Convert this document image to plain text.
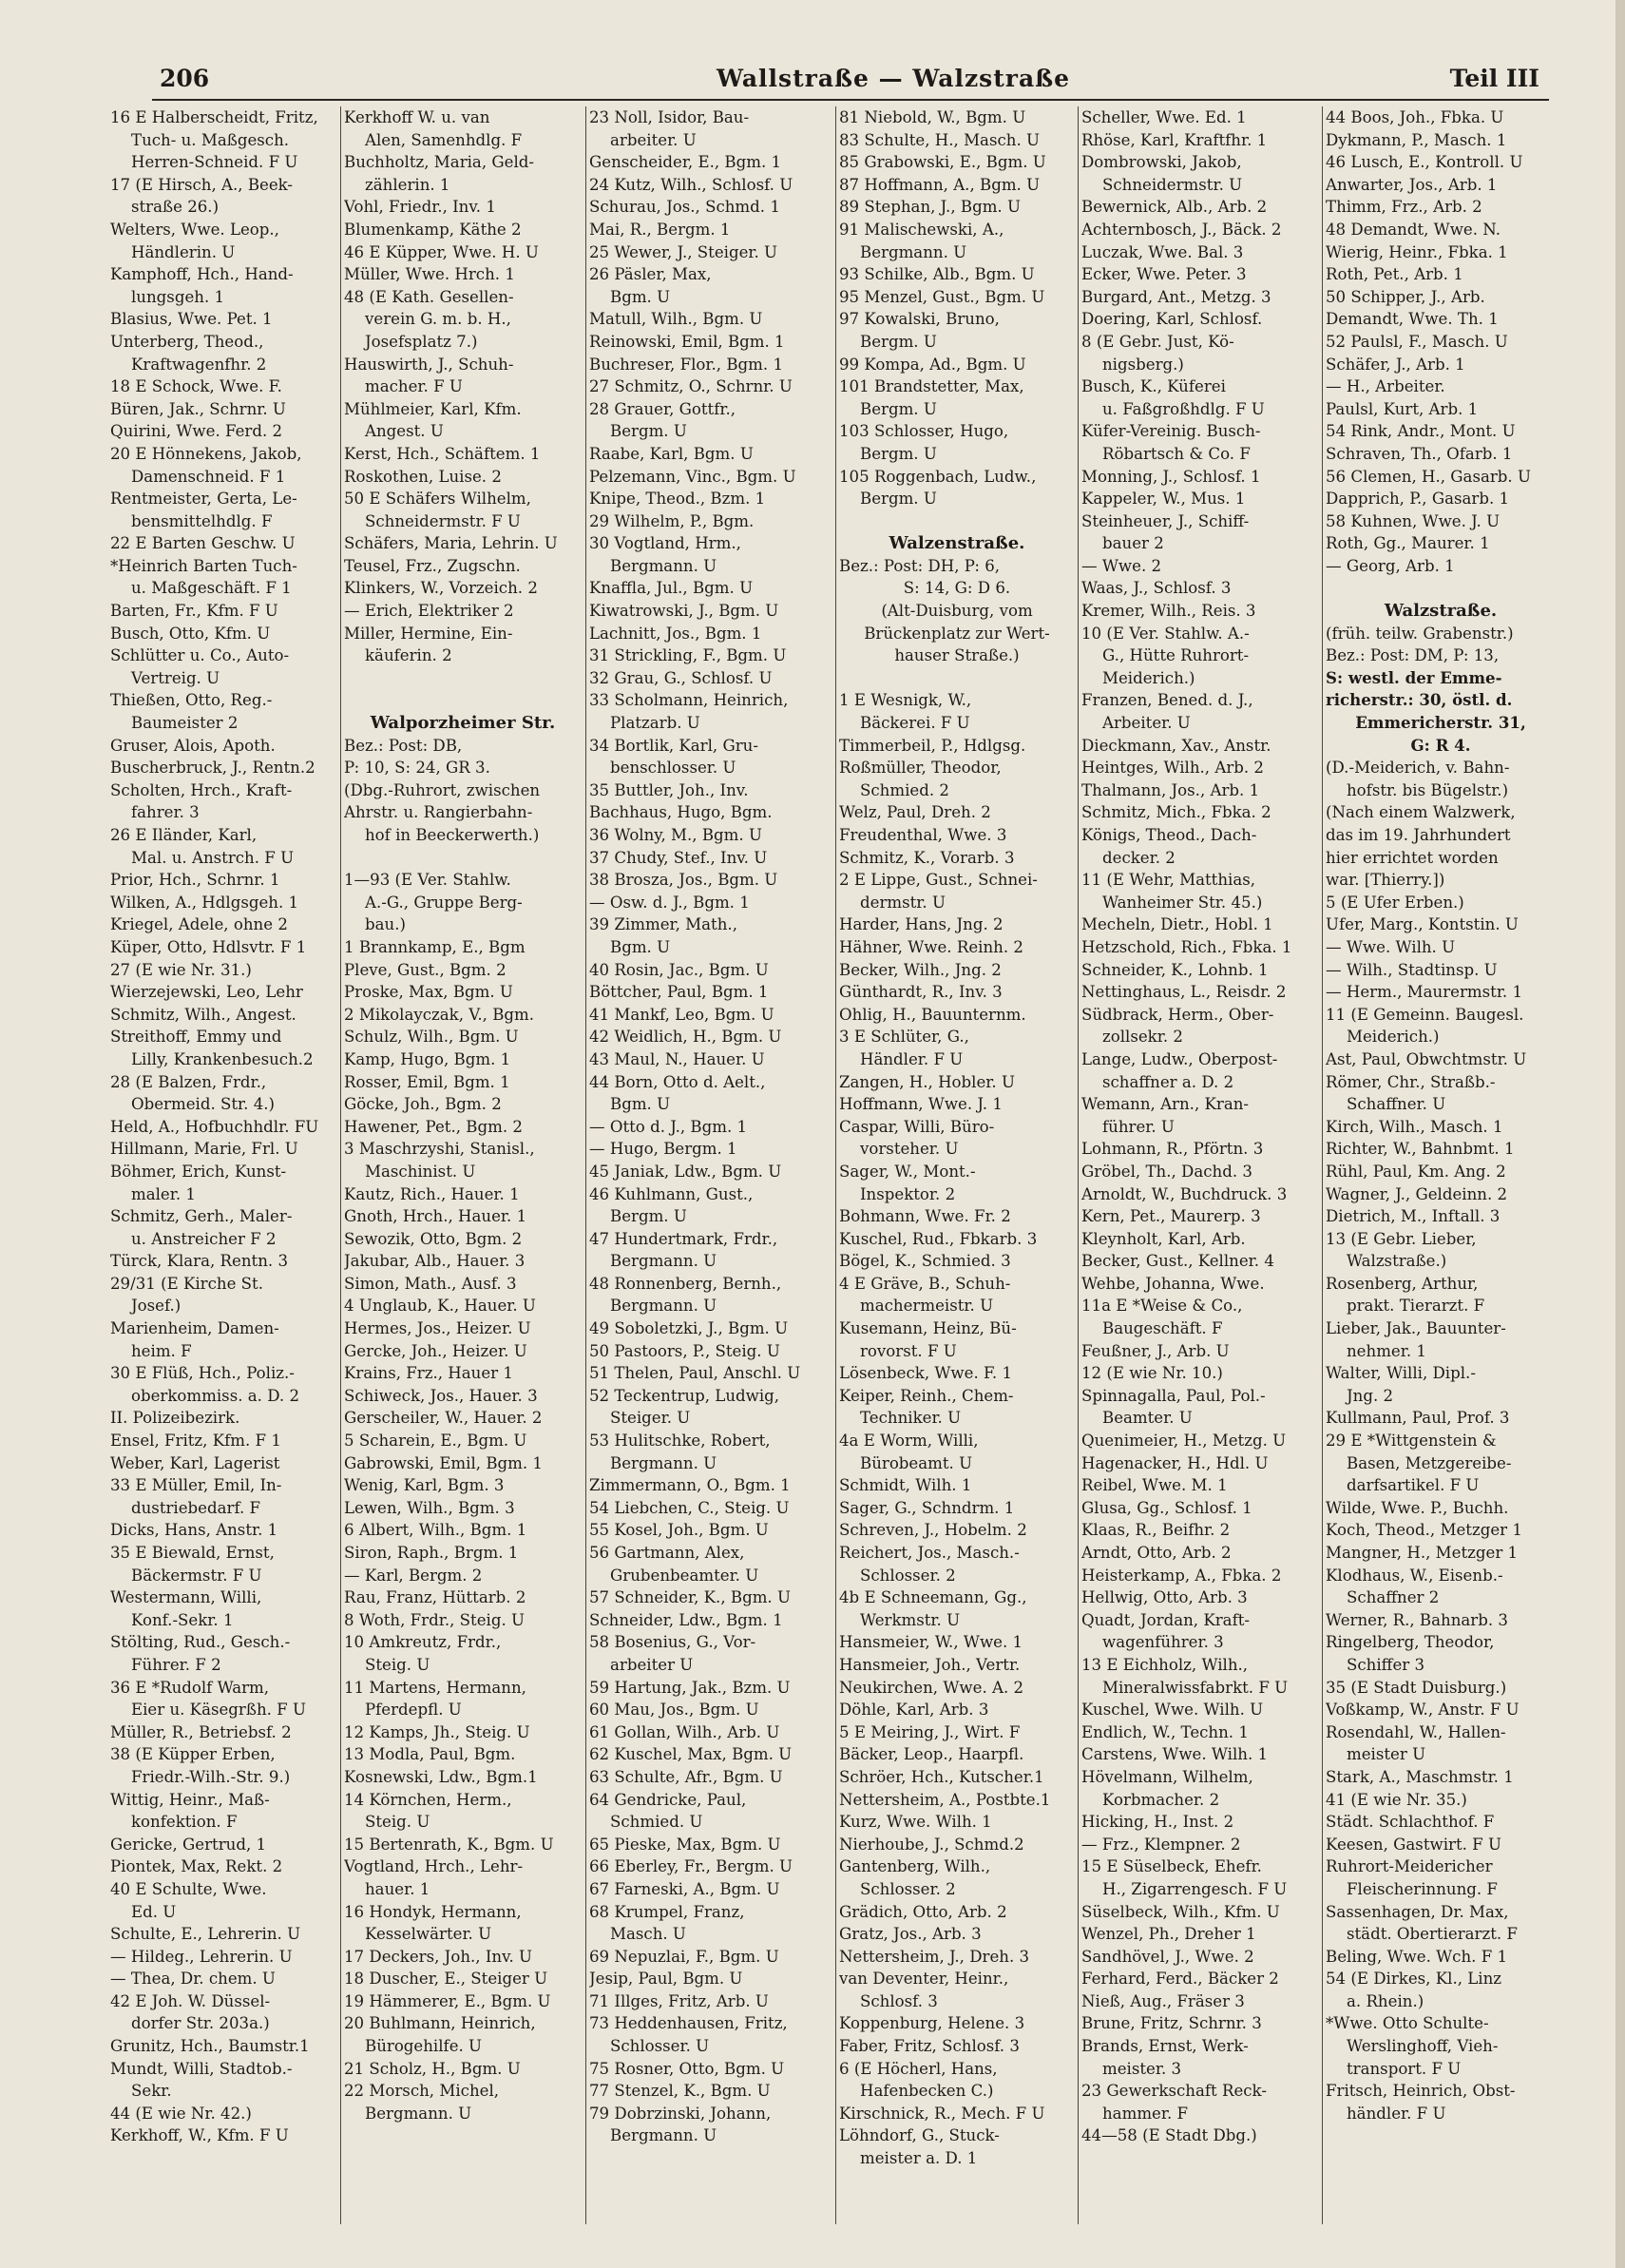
206	Wallstraße — Walzstraße	Teil III
16 E Halberscheidt, Fritz,
Tuch- u. Maßgesch.
Herren-Schneid. F U
17 (E Hirsch, A., Beek-
straße 26.)
Welters, Wwe. Leop.,
Händlerin. U
Kamphoff, Hch., Hand-
lungsgeh. 1
Blasius, Wwe. Pet. 1
Unterberg, Theod.,
Kraftwagenfhr. 2
18 E Schock, Wwe. F.
Büren, Jak., Schrnr. U
Quirini, Wwe. Ferd. 2
20 E Hönnekens, Jakob,
Damenschneid. F 1
Rentmeister, Gerta, Le-
bensmittelhdlg. F
22 E Barten Geschw. U
*Heinrich Barten Tuch-
u. Maßgeschäft. F 1
Barten, Fr., Kfm. F U
Busch, Otto, Kfm. U
Schlütter u. Co., Auto-
Vertreig. U
Thießen, Otto, Reg.-
Baumeister 2
Gruser, Alois, Apoth.
Buscherbruck, J., Rentn.2
Scholten, Hrch., Kraft-
fahrer. 3
26 E Iländer, Karl,
Mal. u. Anstrch. F U
Prior, Hch., Schrnr. 1
Wilken, A., Hdlgsgeh. 1
Kriegel, Adele, ohne 2
Küper, Otto, Hdlsvtr. F 1
27 (E wie Nr. 31.)
Wierzejewski, Leo, Lehr
Schmitz, Wilh., Angest.
Streithoff, Emmy und
Lilly, Krankenbesuch.2
28 (E Balzen, Frdr.,
Obermeid. Str. 4.)
Held, A., Hofbuchhdlr. FU
Hillmann, Marie, Frl. U
Böhmer, Erich, Kunst-
maler. 1
Schmitz, Gerh., Maler-
u. Anstreicher F 2
Türck, Klara, Rentn. 3
29/31 (E Kirche St.
Josef.)
Marienheim, Damen-
heim. F
30 E Flüß, Hch., Poliz.-
oberkommiss. a. D. 2
II. Polizeibezirk.
Ensel, Fritz, Kfm. F 1
Weber, Karl, Lagerist
33 E Müller, Emil, In-
dustriebedarf. F
Dicks, Hans, Anstr. 1
35 E Biewald, Ernst,
Bäckermstr. F U
Westermann, Willi,
Konf.-Sekr. 1
Stölting, Rud., Gesch.-
Führer. F 2
36 E *Rudolf Warm,
Eier u. Käsegrßh. F U
Müller, R., Betriebsf. 2
38 (E Küpper Erben,
Friedr.-Wilh.-Str. 9.)
Wittig, Heinr., Maß-
konfektion. F
Gericke, Gertrud, 1
Piontek, Max, Rekt. 2
40 E Schulte, Wwe.
Ed. U
Schulte, E., Lehrerin. U
— Hildeg., Lehrerin. U
— Thea, Dr. chem. U
42 E Joh. W. Düssel-
dorfer Str. 203a.)
Grunitz, Hch., Baumstr.1
Mundt, Willi, Stadtob.-
Sekr.
44 (E wie Nr. 42.)
Kerkhoff, W., Kfm. F U
Kerkhoff W. u. van
Alen, Samenhdlg. F
Buchholtz, Maria, Geld-
zählerin. 1
Vohl, Friedr., Inv. 1
Blumenkamp, Käthe 2
46 E Küpper, Wwe. H. U
Müller, Wwe. Hrch. 1
48 (E Kath. Gesellen-
verein G. m. b. H.,
Josefsplatz 7.)
Hauswirth, J., Schuh-
macher. F U
Mühlmeier, Karl, Kfm.
Angest. U
Kerst, Hch., Schäftem. 1
Roskothen, Luise. 2
50 E Schäfers Wilhelm,
Schneidermstr. F U
Schäfers, Maria, Lehrin. U
Teusel, Frz., Zugschn.
Klinkers, W., Vorzeich. 2
— Erich, Elektriker 2
Miller, Hermine, Ein-
käuferin. 2
Walporzheimer Str.
Bez.: Post: DB,
P: 10, S: 24, GR 3.
(Dbg.-Ruhrort, zwischen
Ahrstr. u. Rangierbahn-
hof in Beeckerwerth.)
1—93 (E Ver. Stahlw.
A.-G., Gruppe Berg-
bau.)
1 Brannkamp, E., Bgm
Pleve, Gust., Bgm. 2
Proske, Max, Bgm. U
2 Mikolayczak, V., Bgm.
Schulz, Wilh., Bgm. U
Kamp, Hugo, Bgm. 1
Rosser, Emil, Bgm. 1
Göcke, Joh., Bgm. 2
Hawener, Pet., Bgm. 2
3 Maschrzyshi, Stanisl.,
Maschinist. U
Kautz, Rich., Hauer. 1
Gnoth, Hrch., Hauer. 1
Sewozik, Otto, Bgm. 2
Jakubar, Alb., Hauer. 3
Simon, Math., Ausf. 3
4 Unglaub, K., Hauer. U
Hermes, Jos., Heizer. U
Gercke, Joh., Heizer. U
Krains, Frz., Hauer 1
Schiweck, Jos., Hauer. 3
Gerscheiler, W., Hauer. 2
5 Scharein, E., Bgm. U
Gabrowski, Emil, Bgm. 1
Wenig, Karl, Bgm. 3
Lewen, Wilh., Bgm. 3
6 Albert, Wilh., Bgm. 1
Siron, Raph., Brgm. 1
— Karl, Bergm. 2
Rau, Franz, Hüttarb. 2
8 Woth, Frdr., Steig. U
10 Amkreutz, Frdr.,
Steig. U
11 Martens, Hermann,
Pferdepfl. U
12 Kamps, Jh., Steig. U
13 Modla, Paul, Bgm.
Kosnewski, Ldw., Bgm.1
14 Körnchen, Herm.,
Steig. U
15 Bertenrath, K., Bgm. U
Vogtland, Hrch., Lehr-
hauer. 1
16 Hondyk, Hermann,
Kesselwärter. U
17 Deckers, Joh., Inv. U
18 Duscher, E., Steiger U
19 Hämmerer, E., Bgm. U
20 Buhlmann, Heinrich,
Bürogehilfe. U
21 Scholz, H., Bgm. U
22 Morsch, Michel,
Bergmann. U
23 Noll, Isidor, Bau-
arbeiter. U
Genscheider, E., Bgm. 1
24 Kutz, Wilh., Schlosf. U
Schurau, Jos., Schmd. 1
Mai, R., Bergm. 1
25 Wewer, J., Steiger. U
26 Päsler, Max,
Bgm. U
Matull, Wilh., Bgm. U
Reinowski, Emil, Bgm. 1
Buchreser, Flor., Bgm. 1
27 Schmitz, O., Schrnr. U
28 Grauer, Gottfr.,
Bergm. U
Raabe, Karl, Bgm. U
Pelzemann, Vinc., Bgm. U
Knipe, Theod., Bzm. 1
29 Wilhelm, P., Bgm.
30 Vogtland, Hrm.,
Bergmann. U
Knaffla, Jul., Bgm. U
Kiwatrowski, J., Bgm. U
Lachnitt, Jos., Bgm. 1
31 Strickling, F., Bgm. U
32 Grau, G., Schlosf. U
33 Scholmann, Heinrich,
Platzarb. U
34 Bortlik, Karl, Gru-
benschlosser. U
35 Buttler, Joh., Inv.
Bachhaus, Hugo, Bgm.
36 Wolny, M., Bgm. U
37 Chudy, Stef., Inv. U
38 Brosza, Jos., Bgm. U
— Osw. d. J., Bgm. 1
39 Zimmer, Math.,
Bgm. U
40 Rosin, Jac., Bgm. U
Böttcher, Paul, Bgm. 1
41 Mankf, Leo, Bgm. U
42 Weidlich, H., Bgm. U
43 Maul, N., Hauer. U
44 Born, Otto d. Aelt.,
Bgm. U
— Otto d. J., Bgm. 1
— Hugo, Bergm. 1
45 Janiak, Ldw., Bgm. U
46 Kuhlmann, Gust.,
Bergm. U
47 Hundertmark, Frdr.,
Bergmann. U
48 Ronnenberg, Bernh.,
Bergmann. U
49 Soboletzki, J., Bgm. U
50 Pastoors, P., Steig. U
51 Thelen, Paul, Anschl. U
52 Teckentrup, Ludwig,
Steiger. U
53 Hulitschke, Robert,
Bergmann. U
Zimmermann, O., Bgm. 1
54 Liebchen, C., Steig. U
55 Kosel, Joh., Bgm. U
56 Gartmann, Alex,
Grubenbeamter. U
57 Schneider, K., Bgm. U
Schneider, Ldw., Bgm. 1
58 Bosenius, G., Vor-
arbeiter U
59 Hartung, Jak., Bzm. U
60 Mau, Jos., Bgm. U
61 Gollan, Wilh., Arb. U
62 Kuschel, Max, Bgm. U
63 Schulte, Afr., Bgm. U
64 Gendricke, Paul,
Schmied. U
65 Pieske, Max, Bgm. U
66 Eberley, Fr., Bergm. U
67 Farneski, A., Bgm. U
68 Krumpel, Franz,
Masch. U
69 Nepuzlai, F., Bgm. U
Jesip, Paul, Bgm. U
71 Illges, Fritz, Arb. U
73 Heddenhausen, Fritz,
Schlosser. U
75 Rosner, Otto, Bgm. U
77 Stenzel, K., Bgm. U
79 Dobrzinski, Johann,
Bergmann. U
81 Niebold, W., Bgm. U
83 Schulte, H., Masch. U
85 Grabowski, E., Bgm. U
87 Hoffmann, A., Bgm. U
89 Stephan, J., Bgm. U
91 Malischewski, A.,
Bergmann. U
93 Schilke, Alb., Bgm. U
95 Menzel, Gust., Bgm. U
97 Kowalski, Bruno,
Bergm. U
99 Kompa, Ad., Bgm. U
101 Brandstetter, Max,
Bergm. U
103 Schlosser, Hugo,
Bergm. U
105 Roggenbach, Ludw.,
Bergm. U
Walzenstraße.
Bez.: Post: DH, P: 6,
S: 14, G: D 6.
(Alt-Duisburg, vom
Brückenplatz zur Wert-
hauser Straße.)
1 E Wesnigk, W.,
Bäckerei. F U
Timmerbeil, P., Hdlgsg.
Roßmüller, Theodor,
Schmied. 2
Welz, Paul, Dreh. 2
Freudenthal, Wwe. 3
Schmitz, K., Vorarb. 3
2 E Lippe, Gust., Schnei-
dermstr. U
Harder, Hans, Jng. 2
Hähner, Wwe. Reinh. 2
Becker, Wilh., Jng. 2
Günthardt, R., Inv. 3
Ohlig, H., Bauunternm.
3 E Schlüter, G.,
Händler. F U
Zangen, H., Hobler. U
Hoffmann, Wwe. J. 1
Caspar, Willi, Büro-
vorsteher. U
Sager, W., Mont.-
Inspektor. 2
Bohmann, Wwe. Fr. 2
Kuschel, Rud., Fbkarb. 3
Bögel, K., Schmied. 3
4 E Gräve, B., Schuh-
machermeistr. U
Kusemann, Heinz, Bü-
rovorst. F U
Lösenbeck, Wwe. F. 1
Keiper, Reinh., Chem-
Techniker. U
4a E Worm, Willi,
Bürobeamt. U
Schmidt, Wilh. 1
Sager, G., Schndrm. 1
Schreven, J., Hobelm. 2
Reichert, Jos., Masch.-
Schlosser. 2
4b E Schneemann, Gg.,
Werkmstr. U
Hansmeier, W., Wwe. 1
Hansmeier, Joh., Vertr.
Neukirchen, Wwe. A. 2
Döhle, Karl, Arb. 3
5 E Meiring, J., Wirt. F
Bäcker, Leop., Haarpfl.
Schröer, Hch., Kutscher.1
Nettersheim, A., Postbte.1
Kurz, Wwe. Wilh. 1
Nierhoube, J., Schmd.2
Gantenberg, Wilh.,
Schlosser. 2
Grädich, Otto, Arb. 2
Gratz, Jos., Arb. 3
Nettersheim, J., Dreh. 3
van Deventer, Heinr.,
Schlosf. 3
Koppenburg, Helene. 3
Faber, Fritz, Schlosf. 3
6 (E Höcherl, Hans,
Hafenbecken C.)
Kirschnick, R., Mech. F U
Löhndorf, G., Stuck-
meister a. D. 1
Scheller, Wwe. Ed. 1
Rhöse, Karl, Kraftfhr. 1
Dombrowski, Jakob,
Schneidermstr. U
Bewernick, Alb., Arb. 2
Achternbosch, J., Bäck. 2
Luczak, Wwe. Bal. 3
Ecker, Wwe. Peter. 3
Burgard, Ant., Metzg. 3
Doering, Karl, Schlosf.
8 (E Gebr. Just, Kö-
nigsberg.)
Busch, K., Küferei
u. Faßgroßhdlg. F U
Küfer-Vereinig. Busch-
Röbartsch & Co. F
Monning, J., Schlosf. 1
Kappeler, W., Mus. 1
Steinheuer, J., Schiff-
bauer 2
— Wwe. 2
Waas, J., Schlosf. 3
Kremer, Wilh., Reis. 3
10 (E Ver. Stahlw. A.-
G., Hütte Ruhrort-
Meiderich.)
Franzen, Bened. d. J.,
Arbeiter. U
Dieckmann, Xav., Anstr.
Heintges, Wilh., Arb. 2
Thalmann, Jos., Arb. 1
Schmitz, Mich., Fbka. 2
Königs, Theod., Dach-
decker. 2
11 (E Wehr, Matthias,
Wanheimer Str. 45.)
Mecheln, Dietr., Hobl. 1
Hetzschold, Rich., Fbka. 1
Schneider, K., Lohnb. 1
Nettinghaus, L., Reisdr. 2
Südbrack, Herm., Ober-
zollsekr. 2
Lange, Ludw., Oberpost-
schaffner a. D. 2
Wemann, Arn., Kran-
führer. U
Lohmann, R., Pförtn. 3
Gröbel, Th., Dachd. 3
Arnoldt, W., Buchdruck. 3
Kern, Pet., Maurerp. 3
Kleynholt, Karl, Arb.
Becker, Gust., Kellner. 4
Wehbe, Johanna, Wwe.
11a E *Weise & Co.,
Baugeschäft. F
Feußner, J., Arb. U
12 (E wie Nr. 10.)
Spinnagalla, Paul, Pol.-
Beamter. U
Quenimeier, H., Metzg. U
Hagenacker, H., Hdl. U
Reibel, Wwe. M. 1
Glusa, Gg., Schlosf. 1
Klaas, R., Beifhr. 2
Arndt, Otto, Arb. 2
Heisterkamp, A., Fbka. 2
Hellwig, Otto, Arb. 3
Quadt, Jordan, Kraft-
wagenführer. 3
13 E Eichholz, Wilh.,
Mineralwissfabrkt. F U
Kuschel, Wwe. Wilh. U
Endlich, W., Techn. 1
Carstens, Wwe. Wilh. 1
Hövelmann, Wilhelm,
Korbmacher. 2
Hicking, H., Inst. 2
— Frz., Klempner. 2
15 E Süselbeck, Ehefr.
H., Zigarrengesch. F U
Süselbeck, Wilh., Kfm. U
Wenzel, Ph., Dreher 1
Sandhövel, J., Wwe. 2
Ferhard, Ferd., Bäcker 2
Nieß, Aug., Fräser 3
Brune, Fritz, Schrnr. 3
Brands, Ernst, Werk-
meister. 3
23 Gewerkschaft Reck-
hammer. F
44—58 (E Stadt Dbg.)
44 Boos, Joh., Fbka. U
Dykmann, P., Masch. 1
46 Lusch, E., Kontroll. U
Anwarter, Jos., Arb. 1
Thimm, Frz., Arb. 2
48 Demandt, Wwe. N.
Wierig, Heinr., Fbka. 1
Roth, Pet., Arb. 1
50 Schipper, J., Arb.
Demandt, Wwe. Th. 1
52 Paulsl, F., Masch. U
Schäfer, J., Arb. 1
— H., Arbeiter.
Paulsl, Kurt, Arb. 1
54 Rink, Andr., Mont. U
Schraven, Th., Ofarb. 1
56 Clemen, H., Gasarb. U
Dapprich, P., Gasarb. 1
58 Kuhnen, Wwe. J. U
Roth, Gg., Maurer. 1
— Georg, Arb. 1
Walzstraße.
(früh. teilw. Grabenstr.)
Bez.: Post: DM, P: 13,
S: westl. der Emme-
richerstr.: 30, östl. d.
Emmericherstr. 31,
G: R 4.
(D.-Meiderich, v. Bahn-
hofstr. bis Bügelstr.)
(Nach einem Walzwerk,
das im 19. Jahrhundert
hier errichtet worden
war. [Thierry.])
5 (E Ufer Erben.)
Ufer, Marg., Kontstin. U
— Wwe. Wilh. U
— Wilh., Stadtinsp. U
— Herm., Maurermstr. 1
11 (E Gemeinn. Baugesl.
Meiderich.)
Ast, Paul, Obwchtmstr. U
Römer, Chr., Straßb.-
Schaffner. U
Kirch, Wilh., Masch. 1
Richter, W., Bahnbmt. 1
Rühl, Paul, Km. Ang. 2
Wagner, J., Geldeinn. 2
Dietrich, M., Inftall. 3
13 (E Gebr. Lieber,
Walzstraße.)
Rosenberg, Arthur,
prakt. Tierarzt. F
Lieber, Jak., Bauunter-
nehmer. 1
Walter, Willi, Dipl.-
Jng. 2
Kullmann, Paul, Prof. 3
29 E *Wittgenstein &
Basen, Metzgereibe-
darfsartikel. F U
Wilde, Wwe. P., Buchh.
Koch, Theod., Metzger 1
Mangner, H., Metzger 1
Klodhaus, W., Eisenb.-
Schaffner 2
Werner, R., Bahnarb. 3
Ringelberg, Theodor,
Schiffer 3
35 (E Stadt Duisburg.)
Voßkamp, W., Anstr. F U
Rosendahl, W., Hallen-
meister U
Stark, A., Maschmstr. 1
41 (E wie Nr. 35.)
Städt. Schlachthof. F
Keesen, Gastwirt. F U
Ruhrort-Meidericher
Fleischerinnung. F
Sassenhagen, Dr. Max,
städt. Obertierarzt. F
Beling, Wwe. Wch. F 1
54 (E Dirkes, Kl., Linz
a. Rhein.)
*Wwe. Otto Schulte-
Werslinghoff, Vieh-
transport. F U
Fritsch, Heinrich, Obst-
händler. F U
